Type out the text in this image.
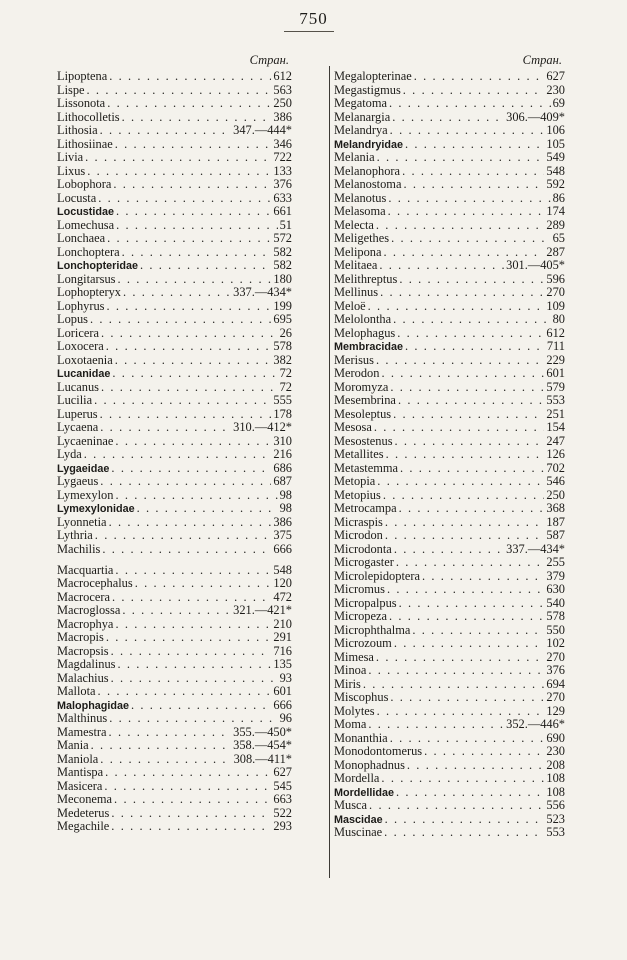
750
Стран.
Lipoptena . . .	612
Lispe . . .	563
Lissonota . . .	250
Lithocolletis . . .	386
Lithosia . . .	347.—444*
Lithosiinae . . .	346
Livia . . .	722
Lixus . . .	133
Lobophora . . .	376
Locusta . . .	633
Locustidae . . .	661
Lomechusa . . .	51
Lonchaea . . .	572
Lonchoptera . . .	582
Lonchopteridae . . .	582
Longitarsus . . .	180
Lophopteryx . . .	337.—434*
Lophyrus . . .	199
Lopus . . .	695
Loricera . . .	26
Loxocera . . .	578
Loxotaenia . . .	382
Lucanidae . . .	72
Lucanus . . .	72
Lucilia . . .	555
Luperus . . .	178
Lycaena . . .	310.—412*
Lycaeninae . . .	310
Lyda . . .	216
Lygaeidae . . .	686
Lygaeus . . .	687
Lymexylon . . .	98
Lymexylonidae . . .	98
Lyonnetia . . .	386
Lythria . . .	375
Machilis . . .	666
Macquartia . . .	548
Macrocephalus . . .	120
Macrocera . . .	472
Macroglossa . . .	321.—421*
Macrophya . . .	210
Macropis . . .	291
Macropsis . . .	716
Magdalinus . . .	135
Malachius . . .	93
Mallota . . .	601
Malophagidae . . .	666
Malthinus . . .	96
Mamestra . . .	355.—450*
Mania . . .	358.—454*
Maniola . . .	308.—411*
Mantispa . . .	627
Masicera . . .	545
Meconema . . .	663
Medeterus . . .	522
Megachile . . .	293
Стран.
Megalopterinae . . .	627
Megastigmus . . .	230
Megatoma . . .	69
Melanargia . . .	306.—409*
Melandrya . . .	106
Melandryidae . . .	105
Melania . . .	549
Melanophora . . .	548
Melanostoma . . .	592
Melanotus . . .	86
Melasoma . . .	174
Melecta . . .	289
Meligethes . . .	65
Melipona . . .	287
Melitaea . . .	301.—405*
Melithreptus . . .	596
Mellinus . . .	270
Meloë . . .	109
Melolontha . . .	80
Melophagus . . .	612
Membracidae . . .	711
Merisus . . .	229
Merodon . . .	601
Moromyza . . .	579
Mesembrina . . .	553
Mesoleptus . . .	251
Mesosa . . .	154
Mesostenus . . .	247
Metallites . . .	126
Metastemma . . .	702
Metopia . . .	546
Metopius . . .	250
Metrocampa . . .	368
Micraspis . . .	187
Microdon . . .	587
Microdonta . . .	337.—434*
Microgaster . . .	255
Microlepidoptera . . .	379
Micromus . . .	630
Micropalpus . . .	540
Micropeza . . .	578
Microphthalma . . .	550
Microzoum . . .	102
Mimesa . . .	270
Minoa . . .	376
Miris . . .	694
Miscophus . . .	270
Molytes . . .	129
Moma . . .	352.—446*
Monanthia . . .	690
Monodontomerus . . .	230
Monophadnus . . .	208
Mordella . . .	108
Mordellidae . . .	108
Musca . . .	556
Mascidae . . .	523
Muscinae . . .	553
